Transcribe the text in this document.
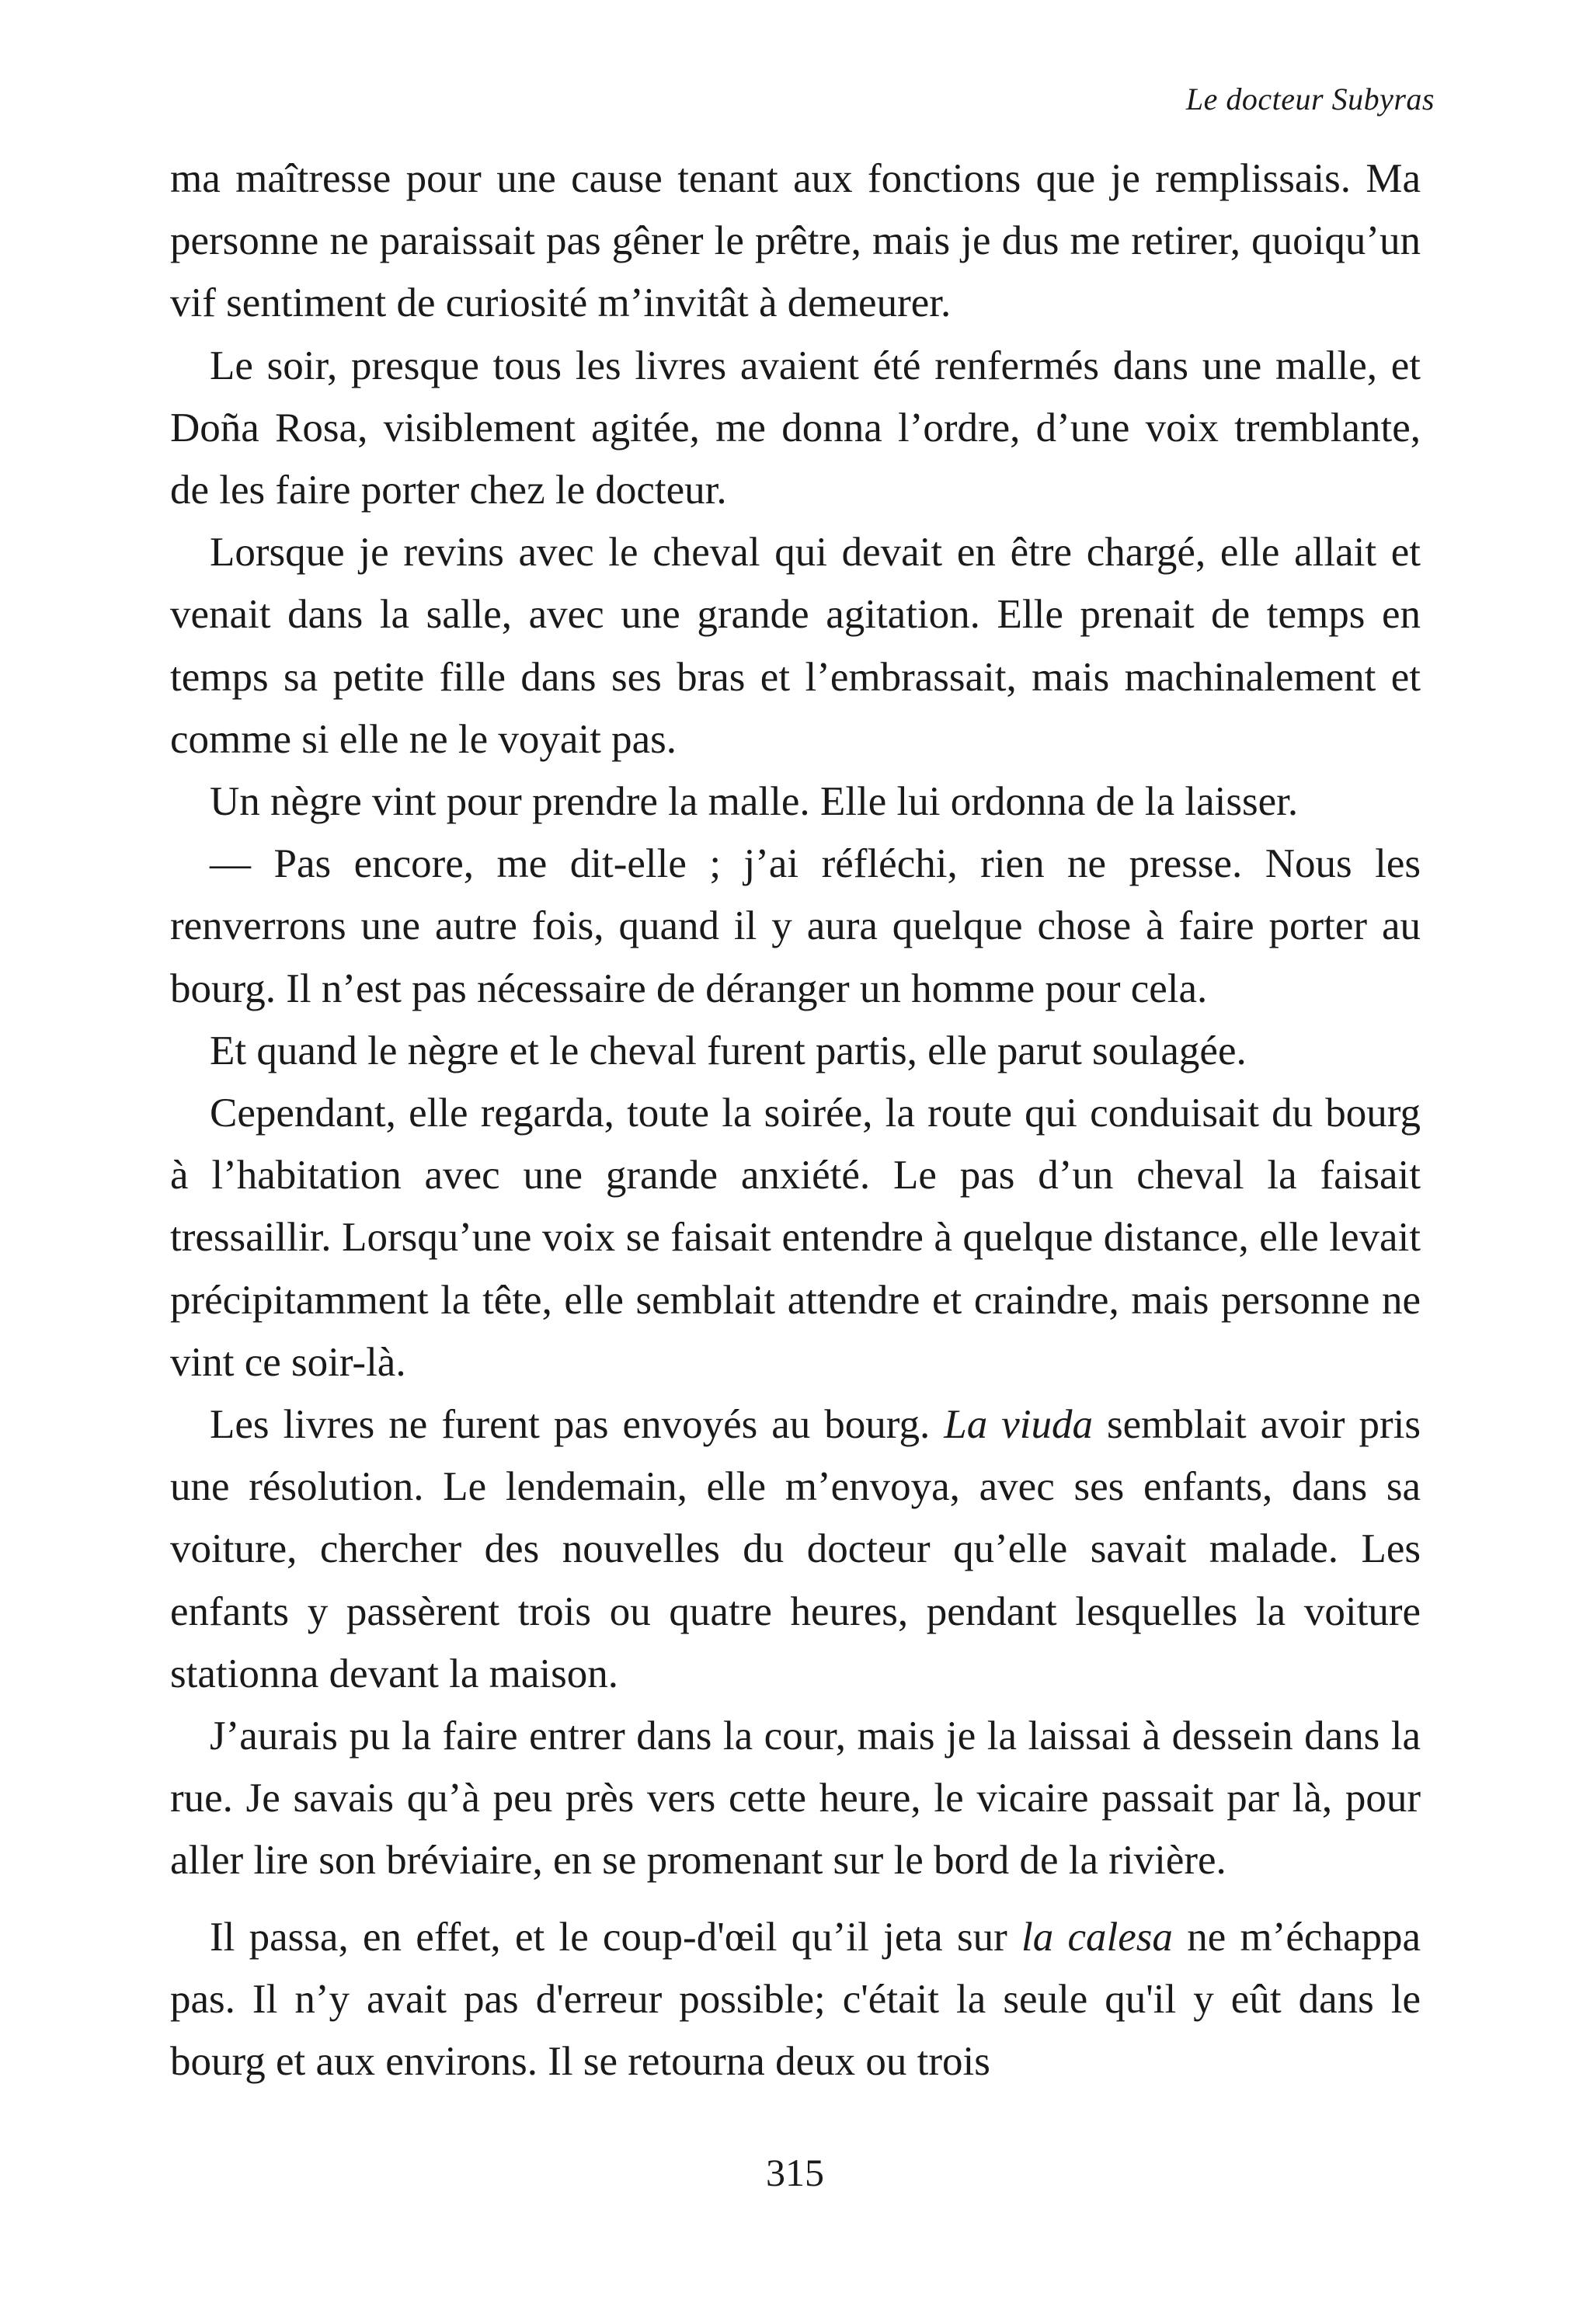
Le docteur Subyras

ma maîtresse pour une cause tenant aux fonctions que je remplissais. Ma personne ne paraissait pas gêner le prêtre, mais je dus me retirer, quoiqu’un vif sentiment de curiosité m’invitât à demeurer.

Le soir, presque tous les livres avaient été renfermés dans une malle, et Doña Rosa, visiblement agitée, me donna l’ordre, d’une voix tremblante, de les faire porter chez le docteur.

Lorsque je revins avec le cheval qui devait en être chargé, elle allait et venait dans la salle, avec une grande agitation. Elle prenait de temps en temps sa petite fille dans ses bras et l’embrassait, mais machinalement et comme si elle ne le voyait pas.

Un nègre vint pour prendre la malle. Elle lui ordonna de la laisser.

— Pas encore, me dit-elle ; j’ai réfléchi, rien ne presse. Nous les renverrons une autre fois, quand il y aura quelque chose à faire porter au bourg. Il n’est pas nécessaire de déranger un homme pour cela.

Et quand le nègre et le cheval furent partis, elle parut soulagée.

Cependant, elle regarda, toute la soirée, la route qui conduisait du bourg à l’habitation avec une grande anxiété. Le pas d’un cheval la faisait tressaillir. Lorsqu’une voix se faisait entendre à quelque distance, elle levait précipitamment la tête, elle semblait attendre et craindre, mais personne ne vint ce soir-là.

Les livres ne furent pas envoyés au bourg. La viuda semblait avoir pris une résolution. Le lendemain, elle m’envoya, avec ses enfants, dans sa voiture, chercher des nouvelles du docteur qu’elle savait malade. Les enfants y passèrent trois ou quatre heures, pendant lesquelles la voiture stationna devant la maison.

J’aurais pu la faire entrer dans la cour, mais je la laissai à dessein dans la rue. Je savais qu’à peu près vers cette heure, le vicaire passait par là, pour aller lire son bréviaire, en se promenant sur le bord de la rivière.

Il passa, en effet, et le coup-d'œil qu’il jeta sur la calesa ne m’échappa pas. Il n’y avait pas d'erreur possible; c'était la seule qu'il y eût dans le bourg et aux environs. Il se retourna deux ou trois

315
